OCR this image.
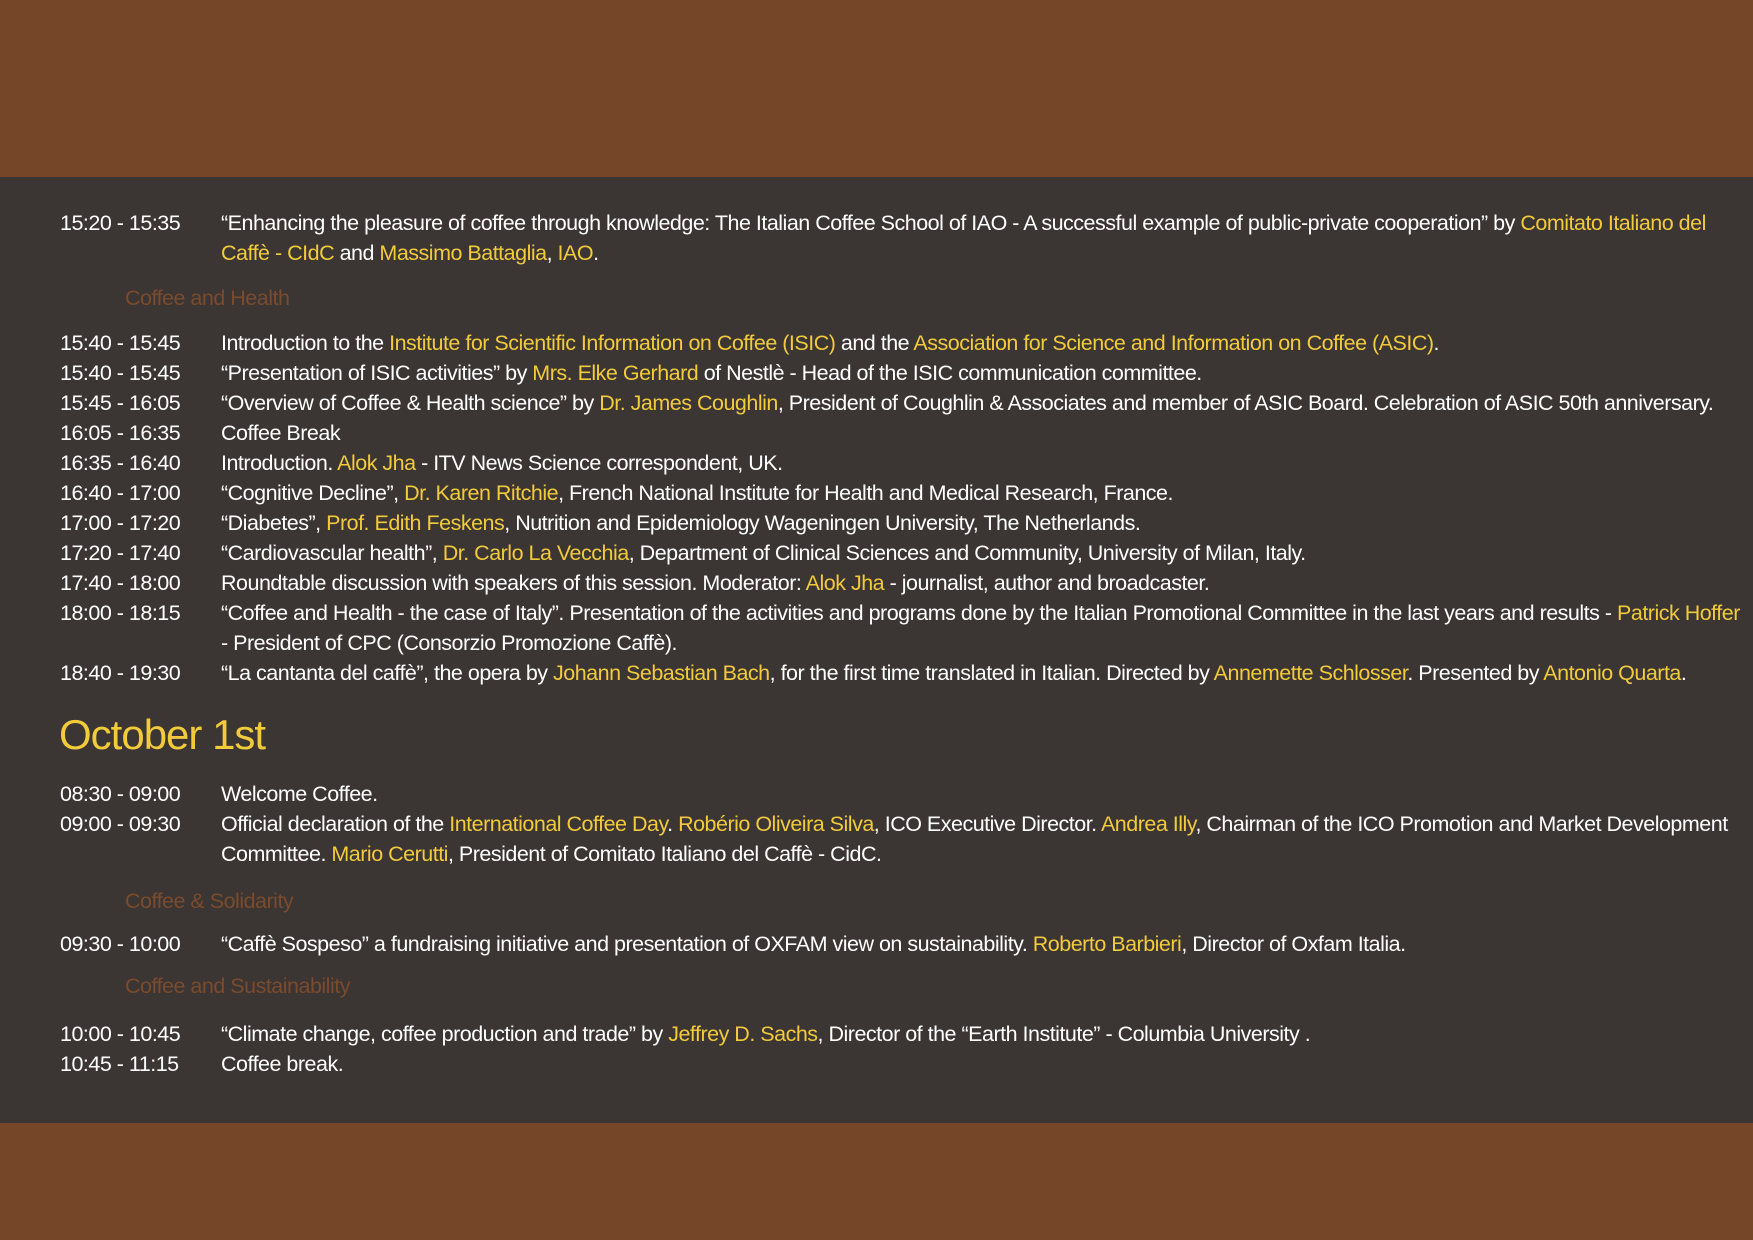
15:20 - 15:35	“Enhancing the pleasure of coffee through knowledge: The Italian Coffee School of IAO - A successful example of public-private cooperation” by Comitato Italiano del Caffè - CIdC and Massimo Battaglia, IAO.
Coffee and Health
15:40 - 15:45	Introduction to the Institute for Scientific Information on Coffee (ISIC) and the Association for Science and Information on Coffee (ASIC).
15:40 - 15:45	“Presentation of ISIC activities” by Mrs. Elke Gerhard of Nestlè - Head of the ISIC communication committee.
15:45 - 16:05	“Overview of Coffee & Health science” by Dr. James Coughlin, President of Coughlin & Associates and member of ASIC Board. Celebration of ASIC 50th anniversary.
16:05 - 16:35	Coffee Break
16:35 - 16:40	Introduction. Alok Jha - ITV News Science correspondent, UK.
16:40 - 17:00	“Cognitive Decline”, Dr. Karen Ritchie, French National Institute for Health and Medical Research, France.
17:00 - 17:20	“Diabetes”, Prof. Edith Feskens, Nutrition and Epidemiology Wageningen University, The Netherlands.
17:20 - 17:40	“Cardiovascular health”, Dr. Carlo La Vecchia, Department of Clinical Sciences and Community, University of Milan, Italy.
17:40 - 18:00	Roundtable discussion with speakers of this session. Moderator: Alok Jha - journalist, author and broadcaster.
18:00 - 18:15	“Coffee and Health - the case of Italy”. Presentation of the activities and programs done by the Italian Promotional Committee in the last years and results - Patrick Hoffer - President of CPC (Consorzio Promozione Caffè).
18:40 - 19:30	“La cantanta del caffè”, the opera by Johann Sebastian Bach, for the first time translated in Italian. Directed by Annemette Schlosser. Presented by Antonio Quarta.
October 1st
08:30 - 09:00	Welcome Coffee.
09:00 - 09:30	Official declaration of the International Coffee Day. Robério Oliveira Silva, ICO Executive Director. Andrea Illy, Chairman of the ICO Promotion and Market Development Committee. Mario Cerutti, President of Comitato Italiano del Caffè - CidC.
Coffee & Solidarity
09:30 - 10:00	“Caffè Sospeso” a fundraising initiative and presentation of OXFAM view on sustainability. Roberto Barbieri, Director of Oxfam Italia.
Coffee and Sustainability
10:00 - 10:45	“Climate change, coffee production and trade” by Jeffrey D. Sachs, Director of the “Earth Institute” - Columbia University .
10:45 - 11:15	Coffee break.
